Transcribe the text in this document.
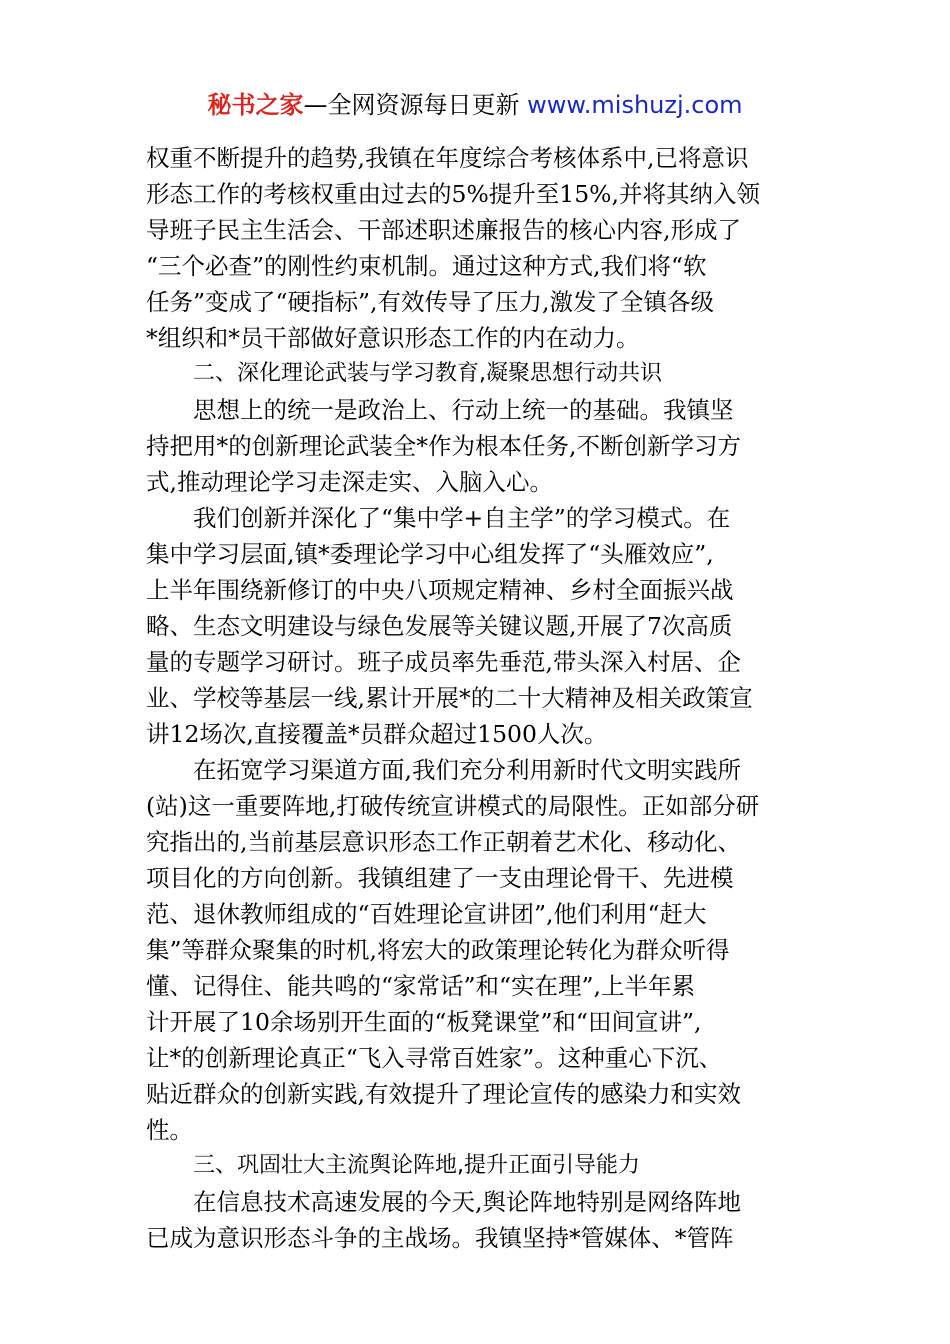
秘书之家—全网资源每日更新 www.mishuzj.com
权重不断提升的趋势,我镇在年度综合考核体系中,已将意识
形态工作的考核权重由过去的5%提升至15%,并将其纳入领
导班子民主生活会、干部述职述廉报告的核心内容,形成了
“三个必查”的刚性约束机制。通过这种方式,我们将“软
任务”变成了“硬指标”,有效传导了压力,激发了全镇各级
*组织和*员干部做好意识形态工作的内在动力。
二、深化理论武装与学习教育,凝聚思想行动共识
思想上的统一是政治上、行动上统一的基础。我镇坚
持把用*的创新理论武装全*作为根本任务,不断创新学习方
式,推动理论学习走深走实、入脑入心。
我们创新并深化了“集中学+自主学”的学习模式。在
集中学习层面,镇*委理论学习中心组发挥了“头雁效应”,
上半年围绕新修订的中央八项规定精神、乡村全面振兴战
略、生态文明建设与绿色发展等关键议题,开展了7次高质
量的专题学习研讨。班子成员率先垂范,带头深入村居、企
业、学校等基层一线,累计开展*的二十大精神及相关政策宣
讲12场次,直接覆盖*员群众超过1500人次。
在拓宽学习渠道方面,我们充分利用新时代文明实践所
(站)这一重要阵地,打破传统宣讲模式的局限性。正如部分研
究指出的,当前基层意识形态工作正朝着艺术化、移动化、
项目化的方向创新。我镇组建了一支由理论骨干、先进模
范、退休教师组成的“百姓理论宣讲团”,他们利用“赶大
集”等群众聚集的时机,将宏大的政策理论转化为群众听得
懂、记得住、能共鸣的“家常话”和“实在理”,上半年累
计开展了10余场别开生面的“板凳课堂”和“田间宣讲”,
让*的创新理论真正“飞入寻常百姓家”。这种重心下沉、
贴近群众的创新实践,有效提升了理论宣传的感染力和实效
性。
三、巩固壮大主流舆论阵地,提升正面引导能力
在信息技术高速发展的今天,舆论阵地特别是网络阵地
已成为意识形态斗争的主战场。我镇坚持*管媒体、*管阵
